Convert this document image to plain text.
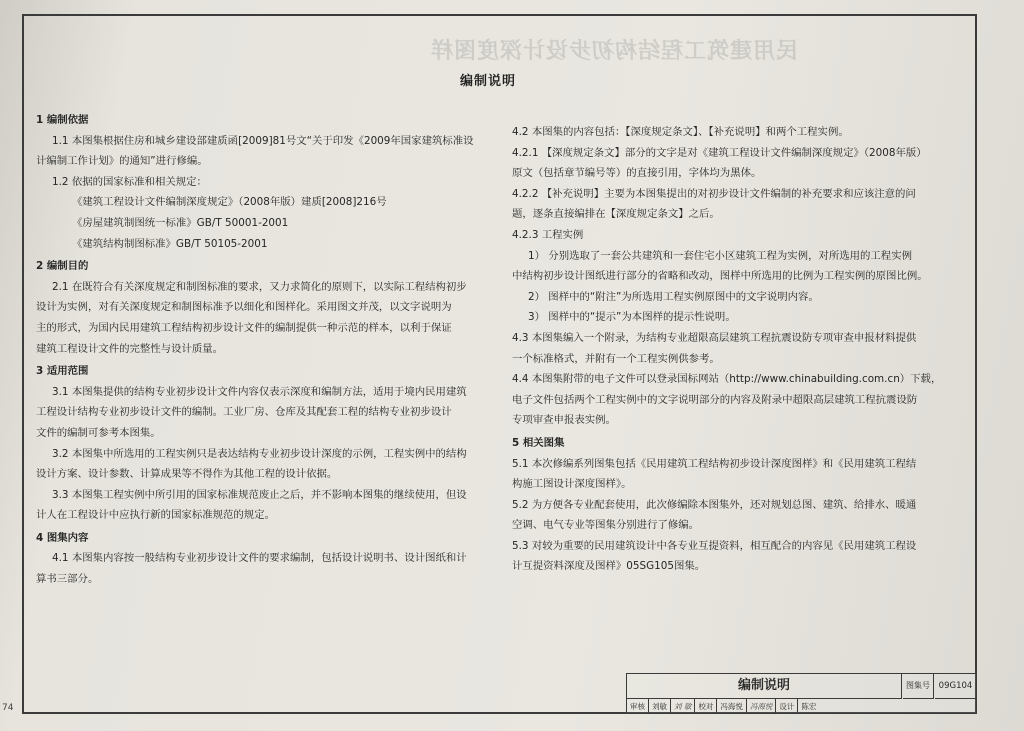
民用建筑工程结构初步设计深度图样
编制说明
1 编制依据
1.1 本图集根据住房和城乡建设部建质函[2009]81号文“关于印发《2009年国家建筑标准设
计编制工作计划》的通知”进行修编。
1.2 依据的国家标准和相关规定：
《建筑工程设计文件编制深度规定》（2008年版）建质[2008]216号
《房屋建筑制图统一标准》GB/T 50001-2001
《建筑结构制图标准》GB/T 50105-2001
2 编制目的
2.1 在既符合有关深度规定和制图标准的要求，又力求简化的原则下，以实际工程结构初步
设计为实例，对有关深度规定和制图标准予以细化和图样化。采用图文并茂，以文字说明为
主的形式，为国内民用建筑工程结构初步设计文件的编制提供一种示范的样本，以利于保证
建筑工程设计文件的完整性与设计质量。
3 适用范围
3.1 本图集提供的结构专业初步设计文件内容仅表示深度和编制方法，适用于境内民用建筑
工程设计结构专业初步设计文件的编制。工业厂房、仓库及其配套工程的结构专业初步设计
文件的编制可参考本图集。
3.2 本图集中所选用的工程实例只是表达结构专业初步设计深度的示例，工程实例中的结构
设计方案、设计参数、计算成果等不得作为其他工程的设计依据。
3.3 本图集工程实例中所引用的国家标准规范废止之后，并不影响本图集的继续使用，但设
计人在工程设计中应执行新的国家标准规范的规定。
4 图集内容
4.1 本图集内容按一般结构专业初步设计文件的要求编制，包括设计说明书、设计图纸和计
算书三部分。
4.2 本图集的内容包括：【深度规定条文】、【补充说明】和两个工程实例。
4.2.1 【深度规定条文】部分的文字是对《建筑工程设计文件编制深度规定》（2008年版）
原文（包括章节编号等）的直接引用，字体均为黑体。
4.2.2 【补充说明】主要为本图集提出的对初步设计文件编制的补充要求和应该注意的问
题，逐条直接编排在【深度规定条文】之后。
4.2.3 工程实例
1） 分别选取了一套公共建筑和一套住宅小区建筑工程为实例，对所选用的工程实例
中结构初步设计图纸进行部分的省略和改动，图样中所选用的比例为工程实例的原图比例。
2） 图样中的“附注”为所选用工程实例原图中的文字说明内容。
3） 图样中的“提示”为本图样的提示性说明。
4.3 本图集编入一个附录，为结构专业超限高层建筑工程抗震设防专项审查申报材料提供
一个标准格式，并附有一个工程实例供参考。
4.4 本图集附带的电子文件可以登录国标网站（http://www.chinabuilding.com.cn）下载，
电子文件包括两个工程实例中的文字说明部分的内容及附录中超限高层建筑工程抗震设防
专项审查申报表实例。
5 相关图集
5.1 本次修编系列图集包括《民用建筑工程结构初步设计深度图样》和《民用建筑工程结
构施工图设计深度图样》。
5.2 为方便各专业配套使用，此次修编除本图集外，还对规划总图、建筑、给排水、暖通
空调、电气专业等图集分别进行了修编。
5.3 对较为重要的民用建筑设计中各专业互提资料，相互配合的内容见《民用建筑工程设
计互提资料深度及图样》05SG105图集。
编制说明	图集号	09G104
审核 刘敏 刘 敏 校对 冯海悦 冯海悦 设计 陈宏
74
